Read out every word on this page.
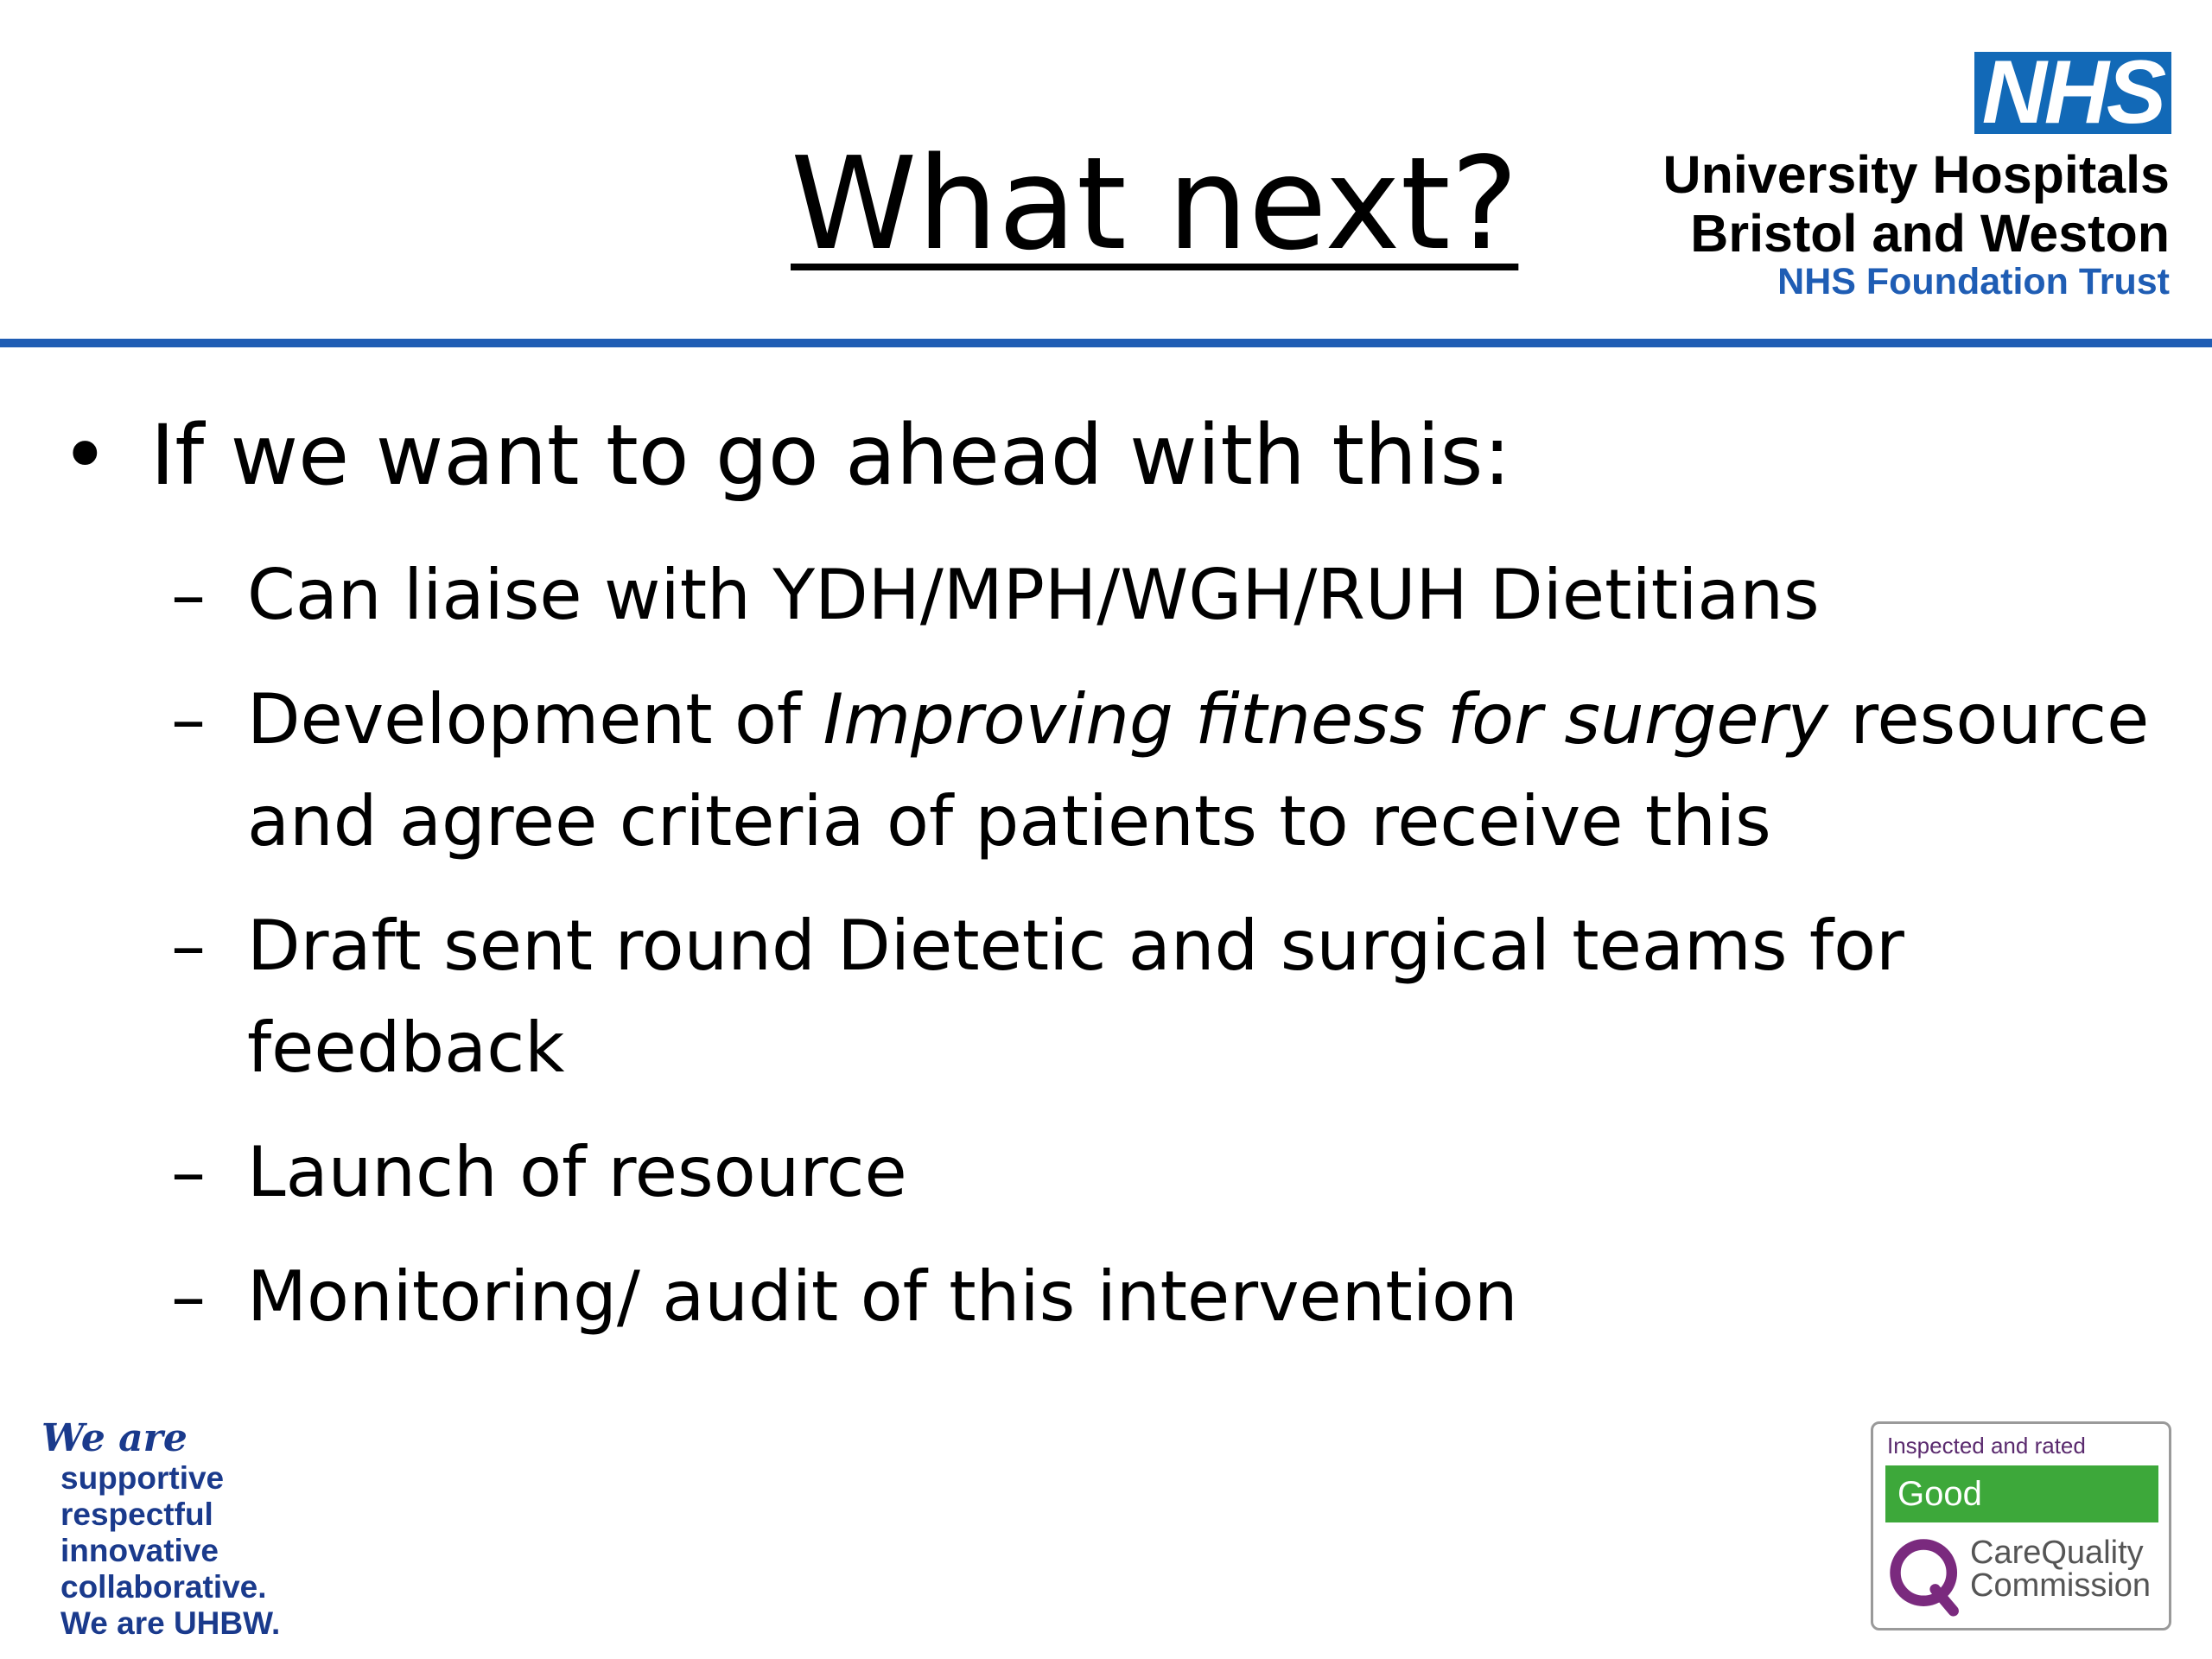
What next?
NHS
University Hospitals
Bristol and Weston
NHS Foundation Trust
• If we want to go ahead with this:
– Can liaise with YDH/MPH/WGH/RUH Dietitians
– Development of Improving fitness for surgery resource and agree criteria of patients to receive this
– Draft sent round Dietetic and surgical teams for feedback
– Launch of resource
– Monitoring/ audit of this intervention
We are
supportive
respectful
innovative
collaborative.
We are UHBW.
Inspected and rated
Good
CareQuality
Commission
